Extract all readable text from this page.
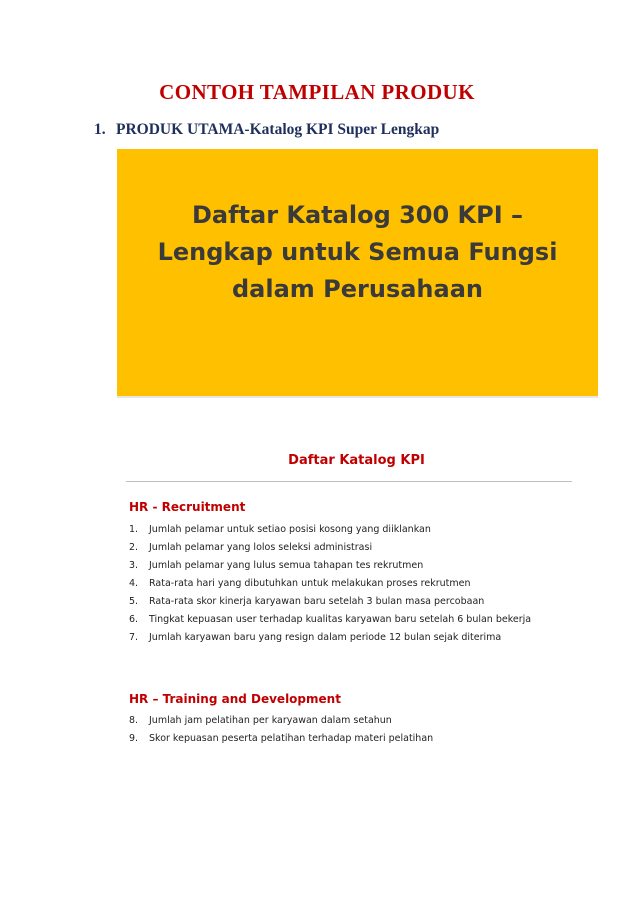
CONTOH TAMPILAN PRODUK
1. PRODUK UTAMA-Katalog KPI Super Lengkap
Daftar Katalog 300 KPI –
Lengkap untuk Semua Fungsi
dalam Perusahaan
Daftar Katalog KPI
HR - Recruitment
1. Jumlah pelamar untuk setiao posisi kosong yang diiklankan
2. Jumlah pelamar yang lolos seleksi administrasi
3. Jumlah pelamar yang lulus semua tahapan tes rekrutmen
4. Rata-rata hari yang dibutuhkan untuk melakukan proses rekrutmen
5. Rata-rata skor kinerja karyawan baru setelah 3 bulan masa percobaan
6. Tingkat kepuasan user terhadap kualitas karyawan baru setelah 6 bulan bekerja
7. Jumlah karyawan baru yang resign dalam periode 12 bulan sejak diterima
HR – Training and Development
8. Jumlah jam pelatihan per karyawan dalam setahun
9. Skor kepuasan peserta pelatihan terhadap materi pelatihan
